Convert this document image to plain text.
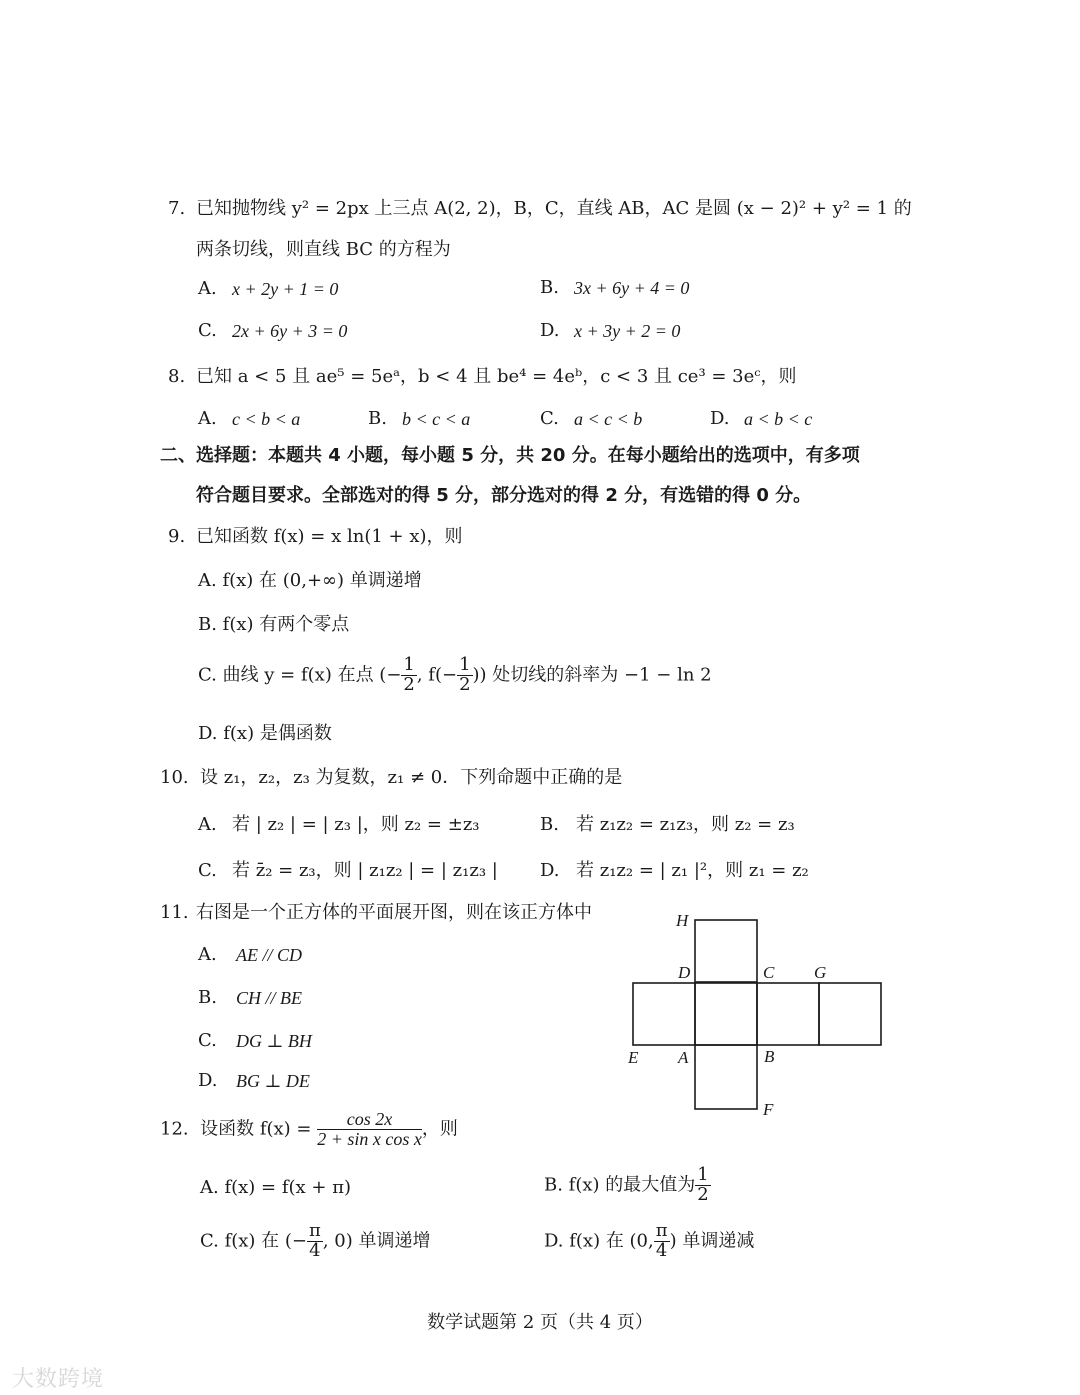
7. 已知抛物线 y² = 2px 上三点 A(2, 2)，B，C，直线 AB，AC 是圆 (x − 2)² + y² = 1 的
两条切线，则直线 BC 的方程为
A. x + 2y + 1 = 0	B. 3x + 6y + 4 = 0
C. 2x + 6y + 3 = 0	D. x + 3y + 2 = 0
8. 已知 a < 5 且 ae⁵ = 5eᵃ，b < 4 且 be⁴ = 4eᵇ，c < 3 且 ce³ = 3eᶜ，则
A. c < b < a	B. b < c < a	C. a < c < b	D. a < b < c
二、选择题：本题共 4 小题，每小题 5 分，共 20 分。在每小题给出的选项中，有多项
符合题目要求。全部选对的得 5 分，部分选对的得 2 分，有选错的得 0 分。
9. 已知函数 f(x) = x ln(1 + x)，则
A. f(x) 在 (0,+∞) 单调递增
B. f(x) 有两个零点
C. 曲线 y = f(x) 在点 (− $\frac{1}{2}$ , $f(- \frac{1}{2}$ )) 处切线的斜率为 −1 − ln 2
D. f(x) 是偶函数
10. 设 z₁，z₂，z₃ 为复数，z₁ ≠ 0．下列命题中正确的是
A. 若 | z₂ | = | z₃ |，则 z₂ = ±z₃	B. 若 z₁z₂ = z₁z₃，则 z₂ = z₃
C. 若 z̄₂ = z₃，则 | z₁z₂ | = | z₁z₃ | D. 若 z₁z₂ = | z₁ |²，则 z₁ = z₂
11. 右图是一个正方体的平面展开图，则在该正方体中
A. AE // CD
B. CH // BE
C. DG ⊥ BH
D. BG ⊥ DE
H
D	C G
E A	B
F
12. 设函数 $f(x) = \frac{\cos 2x}{\text{2 + sin x cos x}}$ ，则
A. f(x) = f(x + π)	B. f(x) 的最大值为 $\frac{1}{2}$
C. f(x) 在 (− $\frac{\pi}{4}$ , 0) 单调递增	D. f(x) 在 (0, $\frac{\pi}{4}$ ) 单调递减
数学试题第 2 页（共 4 页）
大数跨境
